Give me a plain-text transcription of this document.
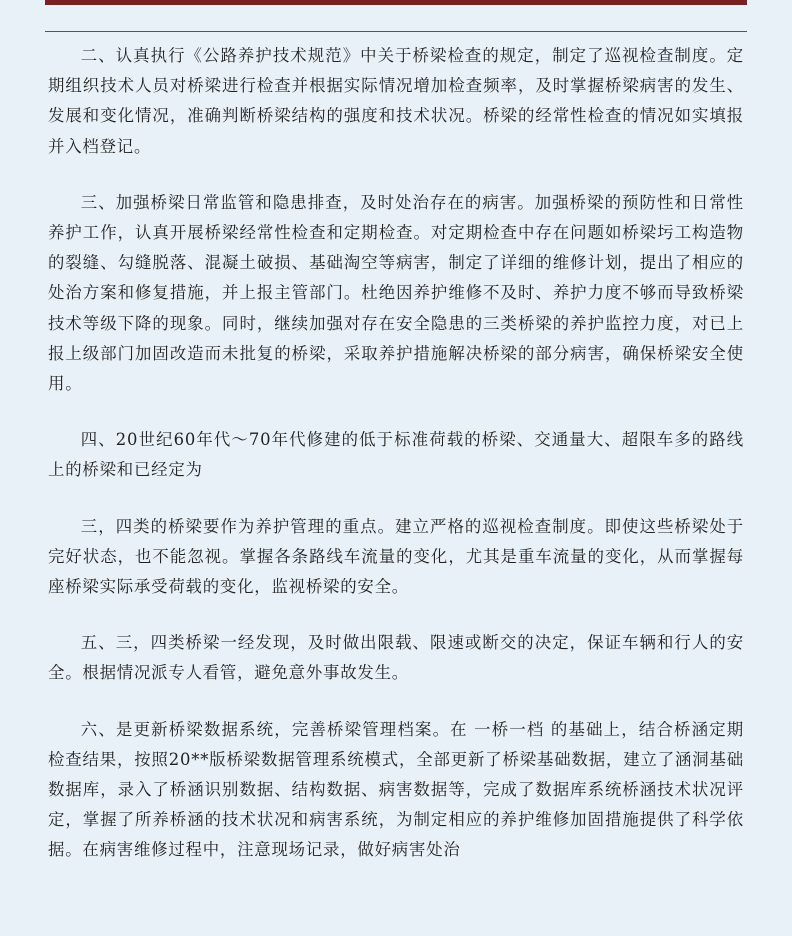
二、认真执行《公路养护技术规范》中关于桥梁检查的规定，制定了巡视检查制度。定期组织技术人员对桥梁进行检查并根据实际情况增加检查频率，及时掌握桥梁病害的发生、发展和变化情况，准确判断桥梁结构的强度和技术状况。桥梁的经常性检查的情况如实填报并入档登记。

三、加强桥梁日常监管和隐患排查，及时处治存在的病害。加强桥梁的预防性和日常性养护工作，认真开展桥梁经常性检查和定期检查。对定期检查中存在问题如桥梁圬工构造物的裂缝、勾缝脱落、混凝土破损、基础淘空等病害，制定了详细的维修计划，提出了相应的处治方案和修复措施，并上报主管部门。杜绝因养护维修不及时、养护力度不够而导致桥梁技术等级下降的现象。同时，继续加强对存在安全隐患的三类桥梁的养护监控力度，对已上报上级部门加固改造而未批复的桥梁，采取养护措施解决桥梁的部分病害，确保桥梁安全使用。

四、20世纪60年代～70年代修建的低于标准荷载的桥梁、交通量大、超限车多的路线上的桥梁和已经定为

三，四类的桥梁要作为养护管理的重点。建立严格的巡视检查制度。即使这些桥梁处于完好状态，也不能忽视。掌握各条路线车流量的变化，尤其是重车流量的变化，从而掌握每座桥梁实际承受荷载的变化，监视桥梁的安全。

五、三，四类桥梁一经发现，及时做出限载、限速或断交的决定，保证车辆和行人的安全。根据情况派专人看管，避免意外事故发生。

六、是更新桥梁数据系统，完善桥梁管理档案。在 一桥一档 的基础上，结合桥涵定期检查结果，按照20**版桥梁数据管理系统模式，全部更新了桥梁基础数据，建立了涵洞基础数据库，录入了桥涵识别数据、结构数据、病害数据等，完成了数据库系统桥涵技术状况评定，掌握了所养桥涵的技术状况和病害系统，为制定相应的养护维修加固措施提供了科学依据。在病害维修过程中，注意现场记录，做好病害处治
